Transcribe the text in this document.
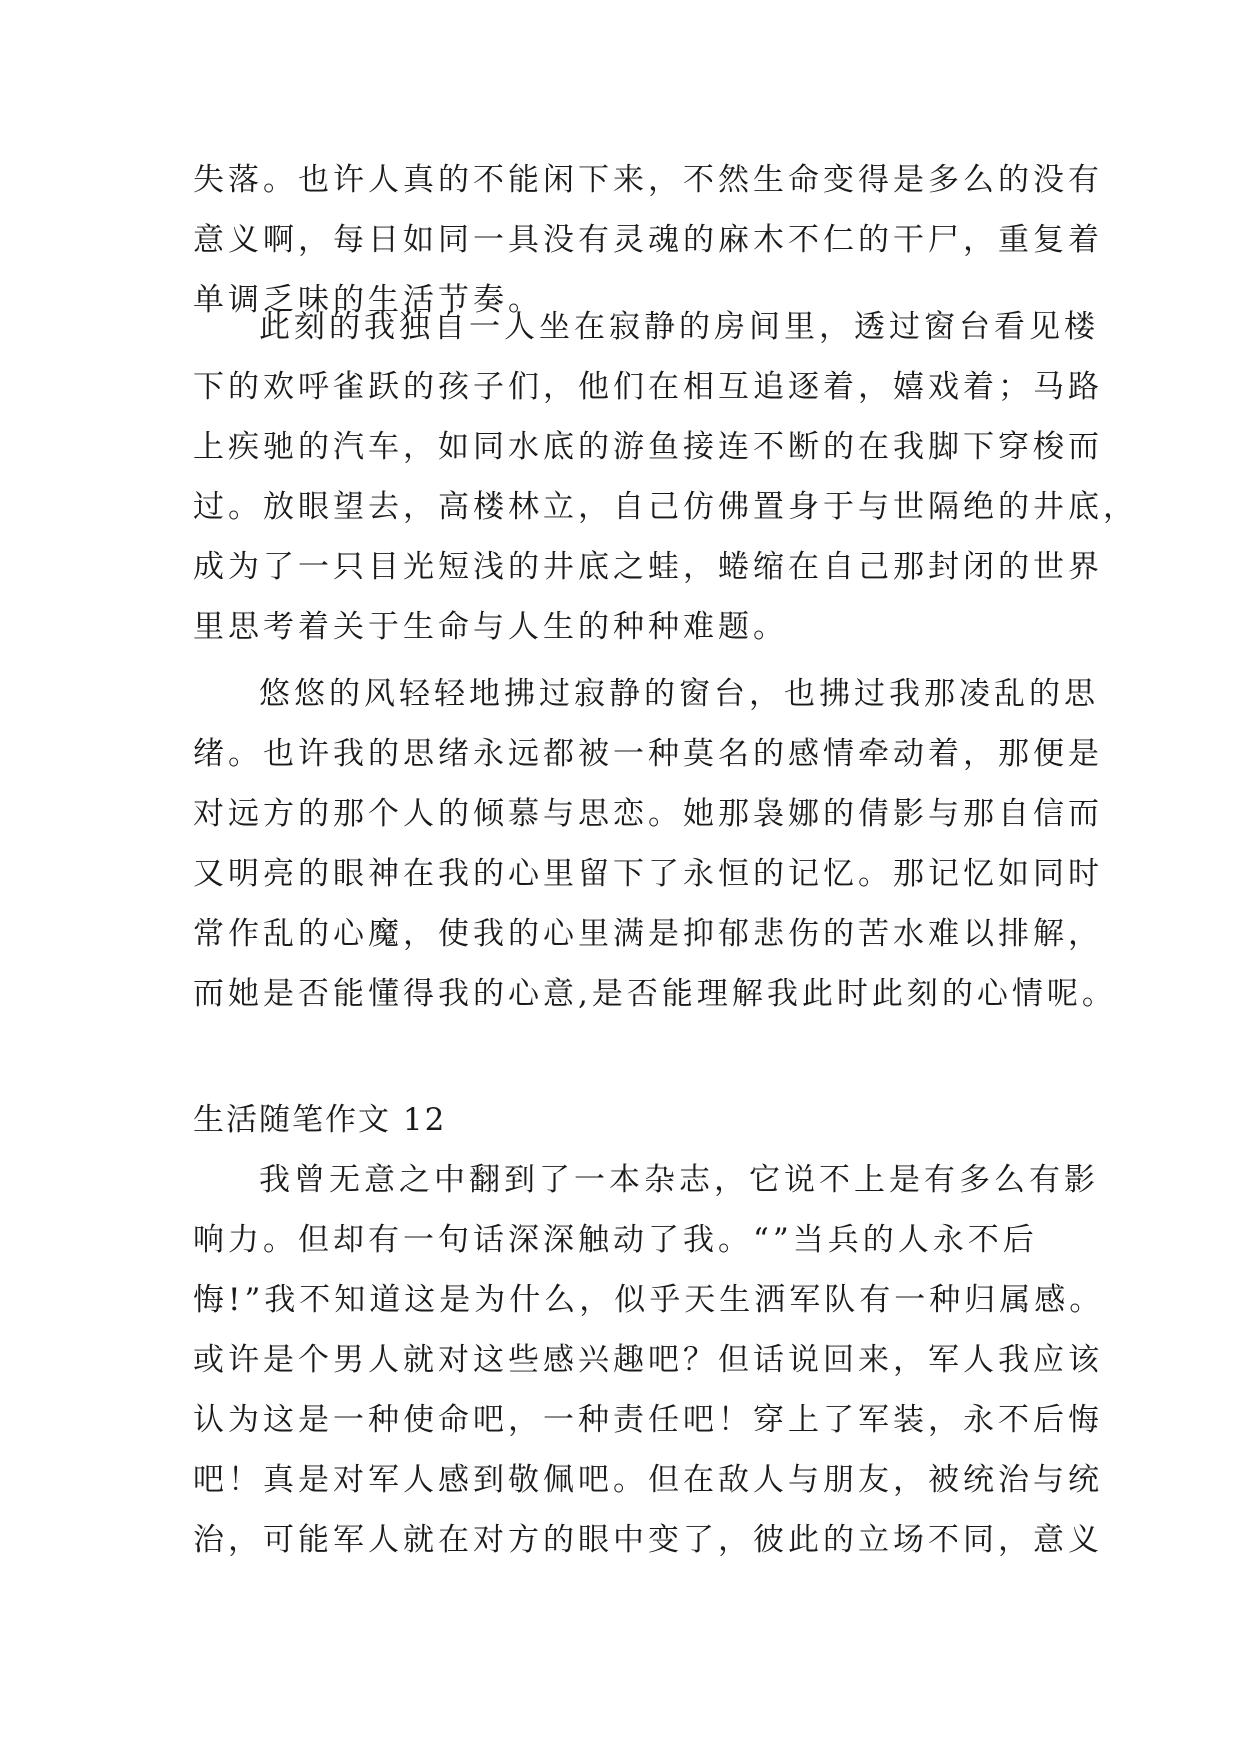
失落。也许人真的不能闲下来，不然生命变得是多么的没有
意义啊，每日如同一具没有灵魂的麻木不仁的干尸，重复着
单调乏味的生活节奏。
此刻的我独自一人坐在寂静的房间里，透过窗台看见楼
下的欢呼雀跃的孩子们，他们在相互追逐着，嬉戏着；马路
上疾驰的汽车，如同水底的游鱼接连不断的在我脚下穿梭而
过。放眼望去，高楼林立，自己仿佛置身于与世隔绝的井底，
成为了一只目光短浅的井底之蛙，蜷缩在自己那封闭的世界
里思考着关于生命与人生的种种难题。
悠悠的风轻轻地拂过寂静的窗台，也拂过我那凌乱的思
绪。也许我的思绪永远都被一种莫名的感情牵动着，那便是
对远方的那个人的倾慕与思恋。她那袅娜的倩影与那自信而
又明亮的眼神在我的心里留下了永恒的记忆。那记忆如同时
常作乱的心魔，使我的心里满是抑郁悲伤的苦水难以排解，
而她是否能懂得我的心意,是否能理解我此时此刻的心情呢。
生活随笔作文 12
我曾无意之中翻到了一本杂志，它说不上是有多么有影
响力。但却有一句话深深触动了我。“”当兵的人永不后
悔!”我不知道这是为什么，似乎天生洒军队有一种归属感。
或许是个男人就对这些感兴趣吧？但话说回来，军人我应该
认为这是一种使命吧，一种责任吧！穿上了军装，永不后悔
吧！真是对军人感到敬佩吧。但在敌人与朋友，被统治与统
治，可能军人就在对方的眼中变了，彼此的立场不同，意义
